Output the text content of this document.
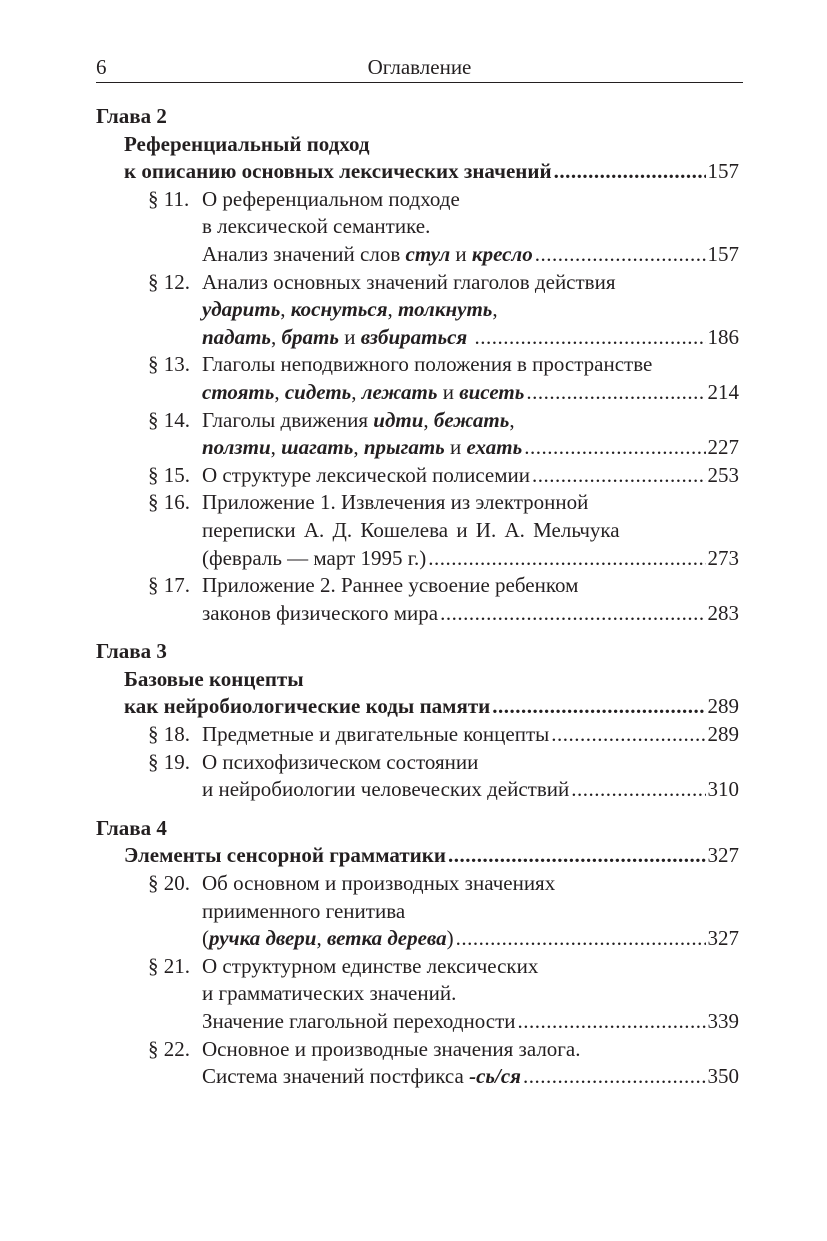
6	Оглавление
Глава 2
Референциальный подход
к описанию основных лексических значений .....	157
§ 11. О референциальном подходе
в лексической семантике.
Анализ значений слов стул и кресло .....	157
§ 12. Анализ основных значений глаголов действия
ударить, коснуться, толкнуть,
падать, брать и взбираться .....	186
§ 13. Глаголы неподвижного положения в пространстве
стоять, сидеть, лежать и висеть .....	214
§ 14. Глаголы движения идти, бежать,
ползти, шагать, прыгать и ехать .....	227
§ 15. О структуре лексической полисемии .....	253
§ 16. Приложение 1. Извлечения из электронной
переписки А. Д. Кошелева и И. А. Мельчука
(февраль — март 1995 г.) .....	273
§ 17. Приложение 2. Раннее усвоение ребенком
законов физического мира .....	283
Глава 3
Базовые концепты
как нейробиологические коды памяти .....	289
§ 18. Предметные и двигательные концепты .....	289
§ 19. О психофизическом состоянии
и нейробиологии человеческих действий .....	310
Глава 4
Элементы сенсорной грамматики .....	327
§ 20. Об основном и производных значениях
приименного генитива
(ручка двери, ветка дерева) .....	327
§ 21. О структурном единстве лексических
и грамматических значений.
Значение глагольной переходности .....	339
§ 22. Основное и производные значения залога.
Система значений постфикса -сь/ся .....	350
